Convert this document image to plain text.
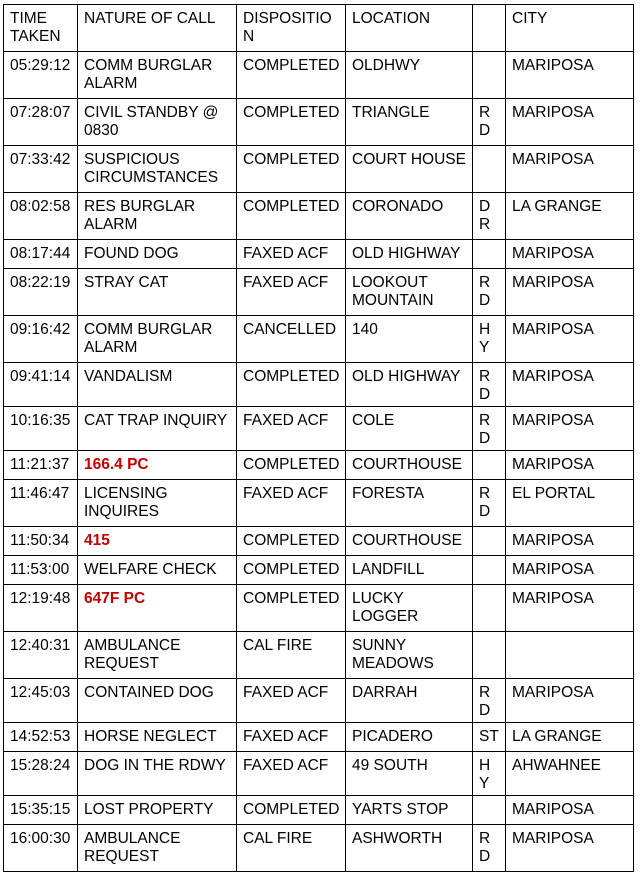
TIME TAKEN	NATURE OF CALL	DISPOSITION	LOCATION		CITY
05:29:12	COMM BURGLAR ALARM	COMPLETED	OLDHWY		MARIPOSA
07:28:07	CIVIL STANDBY @ 0830	COMPLETED	TRIANGLE	RD	MARIPOSA
07:33:42	SUSPICIOUS CIRCUMSTANCES	COMPLETED	COURT HOUSE		MARIPOSA
08:02:58	RES BURGLAR ALARM	COMPLETED	CORONADO	DR	LA GRANGE
08:17:44	FOUND DOG	FAXED ACF	OLD HIGHWAY		MARIPOSA
08:22:19	STRAY CAT	FAXED ACF	LOOKOUT MOUNTAIN	RD	MARIPOSA
09:16:42	COMM BURGLAR ALARM	CANCELLED	140	HY	MARIPOSA
09:41:14	VANDALISM	COMPLETED	OLD HIGHWAY	RD	MARIPOSA
10:16:35	CAT TRAP INQUIRY	FAXED ACF	COLE	RD	MARIPOSA
11:21:37	166.4 PC	COMPLETED	COURTHOUSE		MARIPOSA
11:46:47	LICENSING INQUIRES	FAXED ACF	FORESTA	RD	EL PORTAL
11:50:34	415	COMPLETED	COURTHOUSE		MARIPOSA
11:53:00	WELFARE CHECK	COMPLETED	LANDFILL		MARIPOSA
12:19:48	647F PC	COMPLETED	LUCKY LOGGER		MARIPOSA
12:40:31	AMBULANCE REQUEST	CAL FIRE	SUNNY MEADOWS		
12:45:03	CONTAINED DOG	FAXED ACF	DARRAH	RD	MARIPOSA
14:52:53	HORSE NEGLECT	FAXED ACF	PICADERO	ST	LA GRANGE
15:28:24	DOG IN THE RDWY	FAXED ACF	49 SOUTH	HY	AHWAHNEE
15:35:15	LOST PROPERTY	COMPLETED	YARTS STOP		MARIPOSA
16:00:30	AMBULANCE REQUEST	CAL FIRE	ASHWORTH	RD	MARIPOSA
